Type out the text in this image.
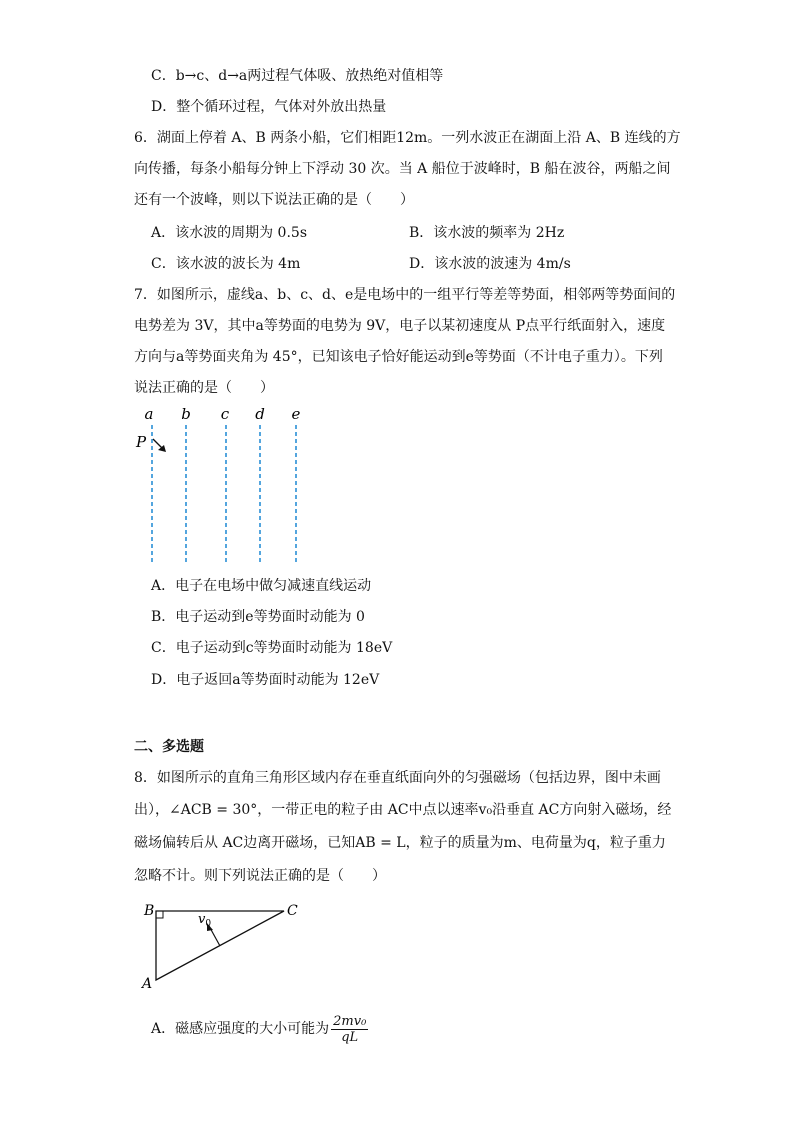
C．b→c、d→a两过程气体吸、放热绝对值相等
D．整个循环过程，气体对外放出热量
6．湖面上停着 A、B 两条小船，它们相距12m。一列水波正在湖面上沿 A、B 连线的方
向传播，每条小船每分钟上下浮动 30 次。当 A 船位于波峰时，B 船在波谷，两船之间
还有一个波峰，则以下说法正确的是（　　）
A．该水波的周期为 0.5s	B．该水波的频率为 2Hz
C．该水波的波长为 4m	D．该水波的波速为 4m/s
7．如图所示，虚线a、b、c、d、e是电场中的一组平行等差等势面，相邻两等势面间的
电势差为 3V，其中a等势面的电势为 9V，电子以某初速度从 P点平行纸面射入，速度
方向与a等势面夹角为 45°，已知该电子恰好能运动到e等势面（不计电子重力）。下列
说法正确的是（　　）
a b c d e
P
A．电子在电场中做匀减速直线运动
B．电子运动到e等势面时动能为 0
C．电子运动到c等势面时动能为 18eV
D．电子返回a等势面时动能为 12eV
二、多选题
8．如图所示的直角三角形区域内存在垂直纸面向外的匀强磁场（包括边界，图中未画
出），∠ACB = 30°，一带正电的粒子由 AC中点以速率v₀沿垂直 AC方向射入磁场，经
磁场偏转后从 AC边离开磁场，已知AB = L，粒子的质量为m、电荷量为q，粒子重力
忽略不计。则下列说法正确的是（　　）
B	C
A
$v_0$
A．磁感应强度的大小可能为 $\frac{\text{2mv₀}}{qL}$
